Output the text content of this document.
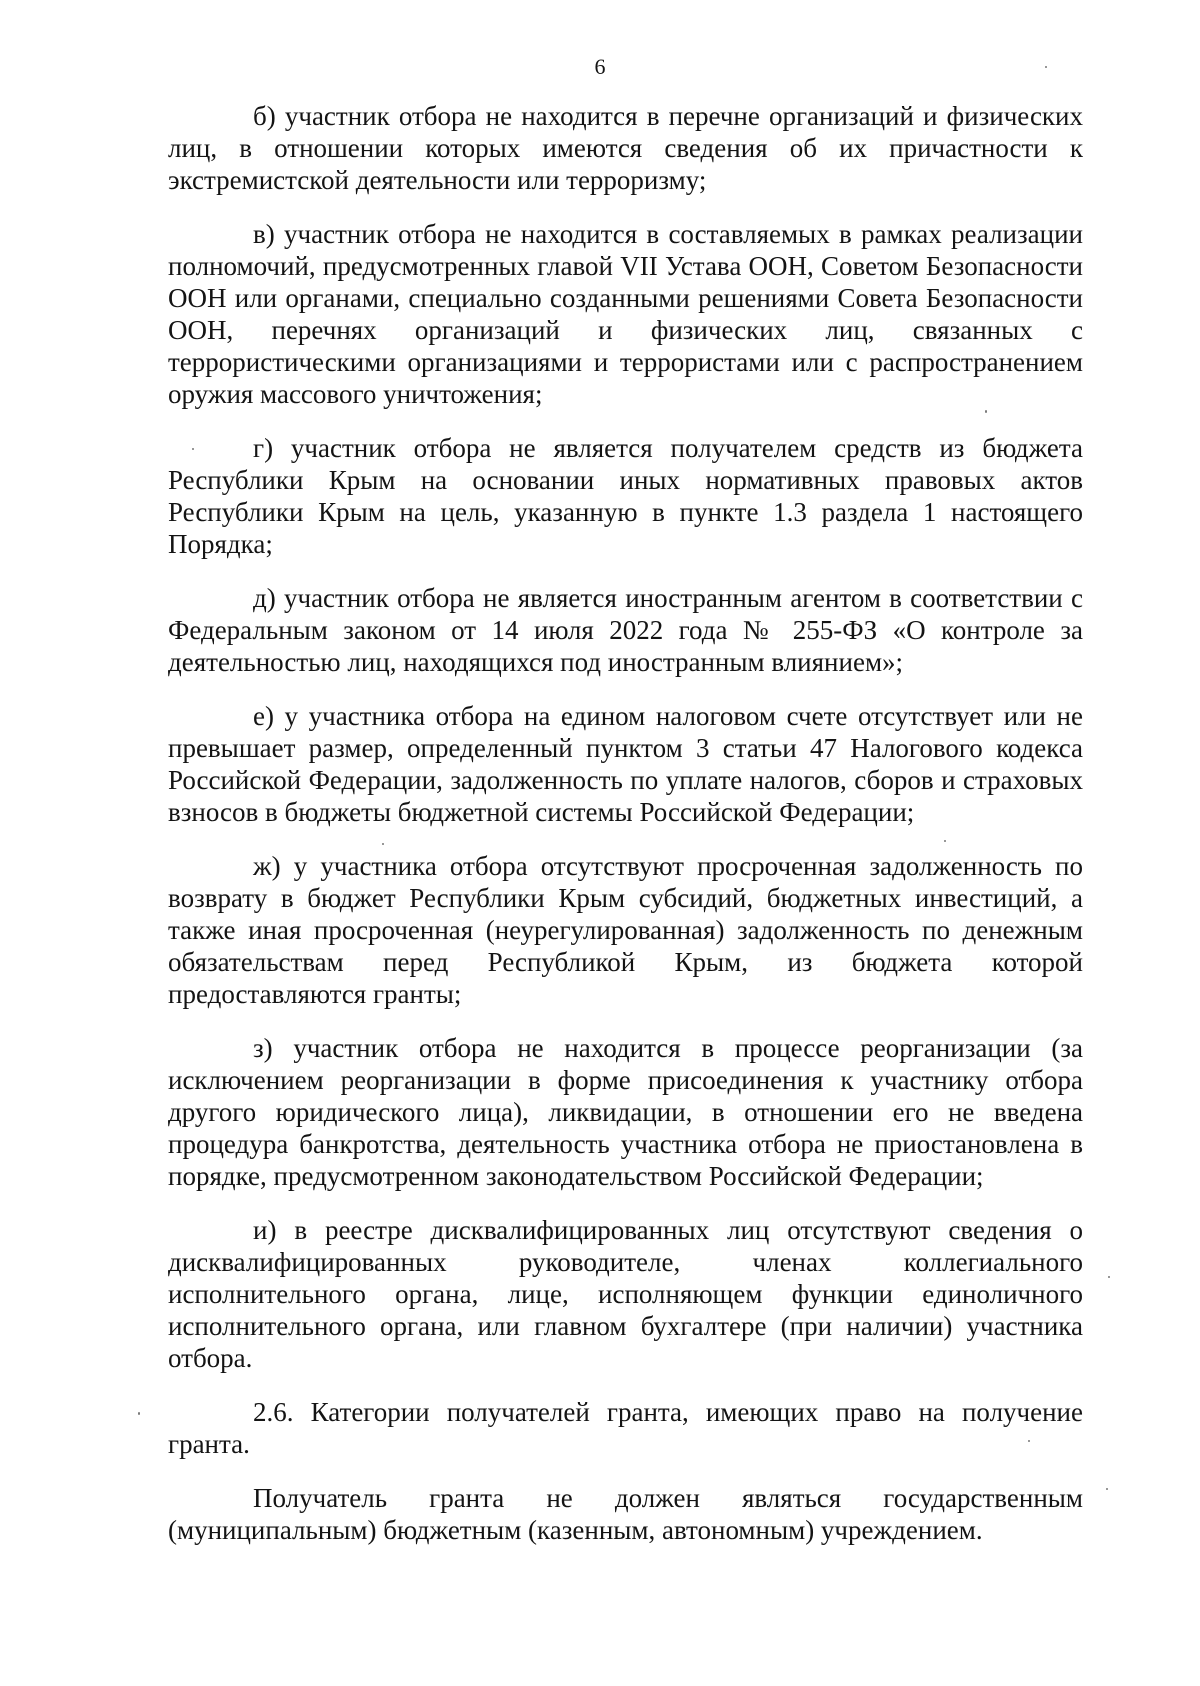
6

б) участник отбора не находится в перечне организаций и физических лиц, в отношении которых имеются сведения об их причастности к экстремистской деятельности или терроризму;

в) участник отбора не находится в составляемых в рамках реализации полномочий, предусмотренных главой VII Устава ООН, Советом Безопасности ООН или органами, специально созданными решениями Совета Безопасности ООН, перечнях организаций и физических лиц, связанных с террористическими организациями и террористами или с распространением оружия массового уничтожения;

г) участник отбора не является получателем средств из бюджета Республики Крым на основании иных нормативных правовых актов Республики Крым на цель, указанную в пункте 1.3 раздела 1 настоящего Порядка;

д) участник отбора не является иностранным агентом в соответствии с Федеральным законом от 14 июля 2022 года № 255-ФЗ «О контроле за деятельностью лиц, находящихся под иностранным влиянием»;

е) у участника отбора на едином налоговом счете отсутствует или не превышает размер, определенный пунктом 3 статьи 47 Налогового кодекса Российской Федерации, задолженность по уплате налогов, сборов и страховых взносов в бюджеты бюджетной системы Российской Федерации;

ж) у участника отбора отсутствуют просроченная задолженность по возврату в бюджет Республики Крым субсидий, бюджетных инвестиций, а также иная просроченная (неурегулированная) задолженность по денежным обязательствам перед Республикой Крым, из бюджета которой предоставляются гранты;

з) участник отбора не находится в процессе реорганизации (за исключением реорганизации в форме присоединения к участнику отбора другого юридического лица), ликвидации, в отношении его не введена процедура банкротства, деятельность участника отбора не приостановлена в порядке, предусмотренном законодательством Российской Федерации;

и) в реестре дисквалифицированных лиц отсутствуют сведения о дисквалифицированных руководителе, членах коллегиального исполнительного органа, лице, исполняющем функции единоличного исполнительного органа, или главном бухгалтере (при наличии) участника отбора.

2.6. Категории получателей гранта, имеющих право на получение гранта.

Получатель гранта не должен являться государственным (муниципальным) бюджетным (казенным, автономным) учреждением.
